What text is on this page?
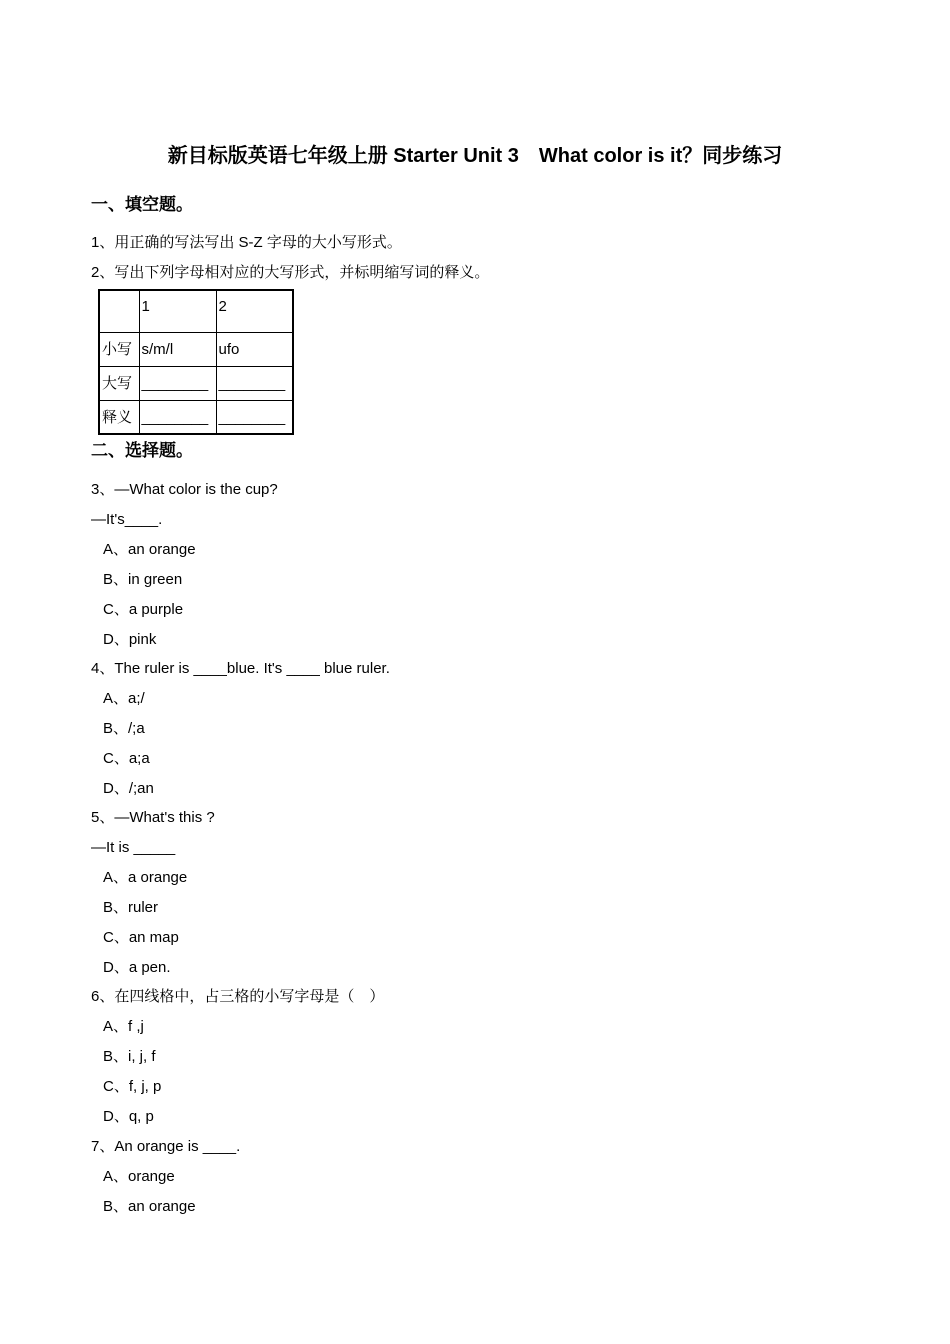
新目标版英语七年级上册 Starter Unit 3　What color is it？同步练习
一、填空题。
1、用正确的写法写出 S-Z 字母的大小写形式。
2、写出下列字母相对应的大写形式，并标明缩写词的释义。
	1	2
小写	s/m/l	ufo
大写	________	________
释义	________	________
二、选择题。
3、—What color is the cup?
—It's____.
A、an orange
B、in green
C、a purple
D、pink
4、The ruler is ____blue. It's ____ blue ruler.
A、a;/
B、/;a
C、a;a
D、/;an
5、—What's this ?
—It is _____
A、a orange
B、ruler
C、an map
D、a pen.
6、在四线格中，占三格的小写字母是（　）
A、f ,j
B、i, j, f
C、f, j, p
D、q, p
7、An orange is ____.
A、orange
B、an orange
